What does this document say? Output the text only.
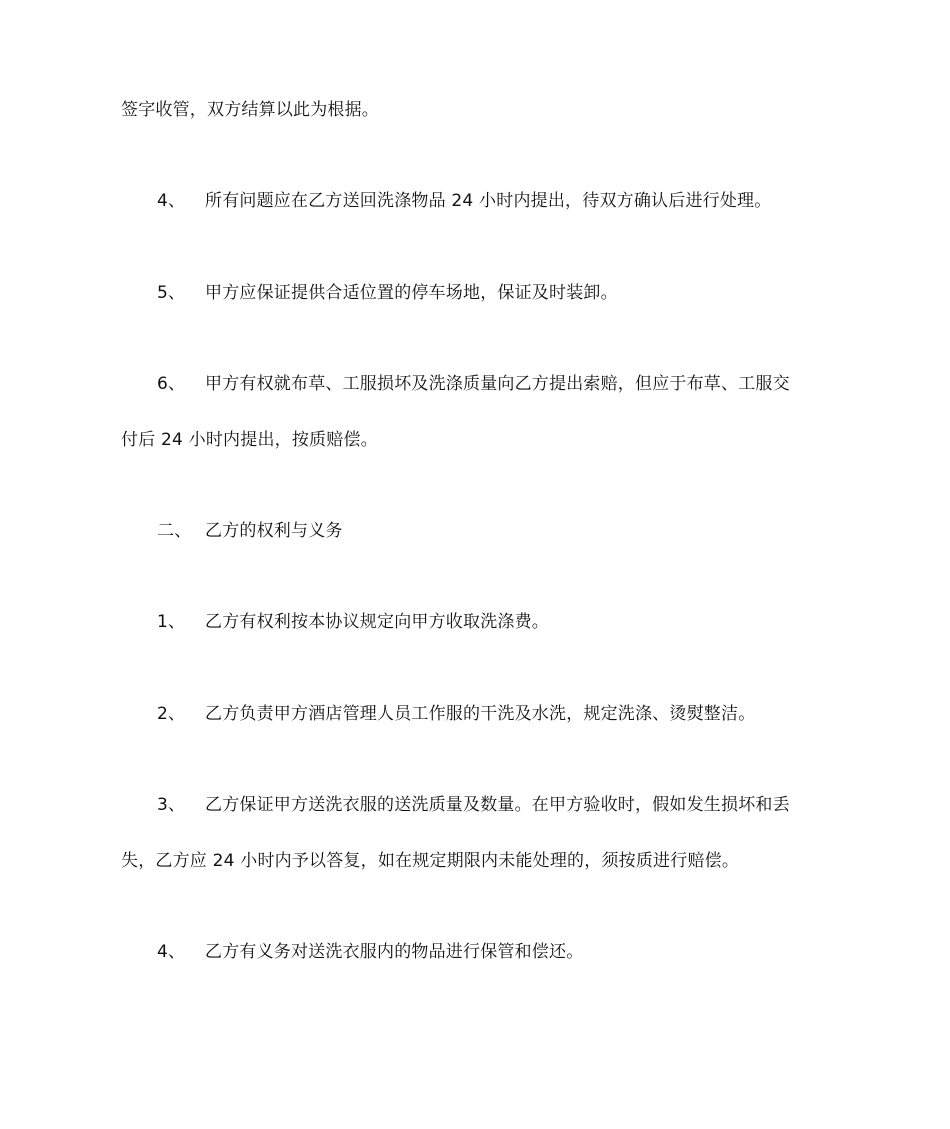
签字收管，双方结算以此为根据。
4、 所有问题应在乙方送回洗涤物品 24 小时内提出，待双方确认后进行处理。
5、 甲方应保证提供合适位置的停车场地，保证及时装卸。
6、 甲方有权就布草、工服损坏及洗涤质量向乙方提出索赔，但应于布草、工服交
付后 24 小时内提出，按质赔偿。
二、 乙方的权利与义务
1、 乙方有权利按本协议规定向甲方收取洗涤费。
2、 乙方负责甲方酒店管理人员工作服的干洗及水洗，规定洗涤、烫熨整洁。
3、 乙方保证甲方送洗衣服的送洗质量及数量。在甲方验收时，假如发生损坏和丢
失，乙方应 24 小时内予以答复，如在规定期限内未能处理的，须按质进行赔偿。
4、 乙方有义务对送洗衣服内的物品进行保管和偿还。
